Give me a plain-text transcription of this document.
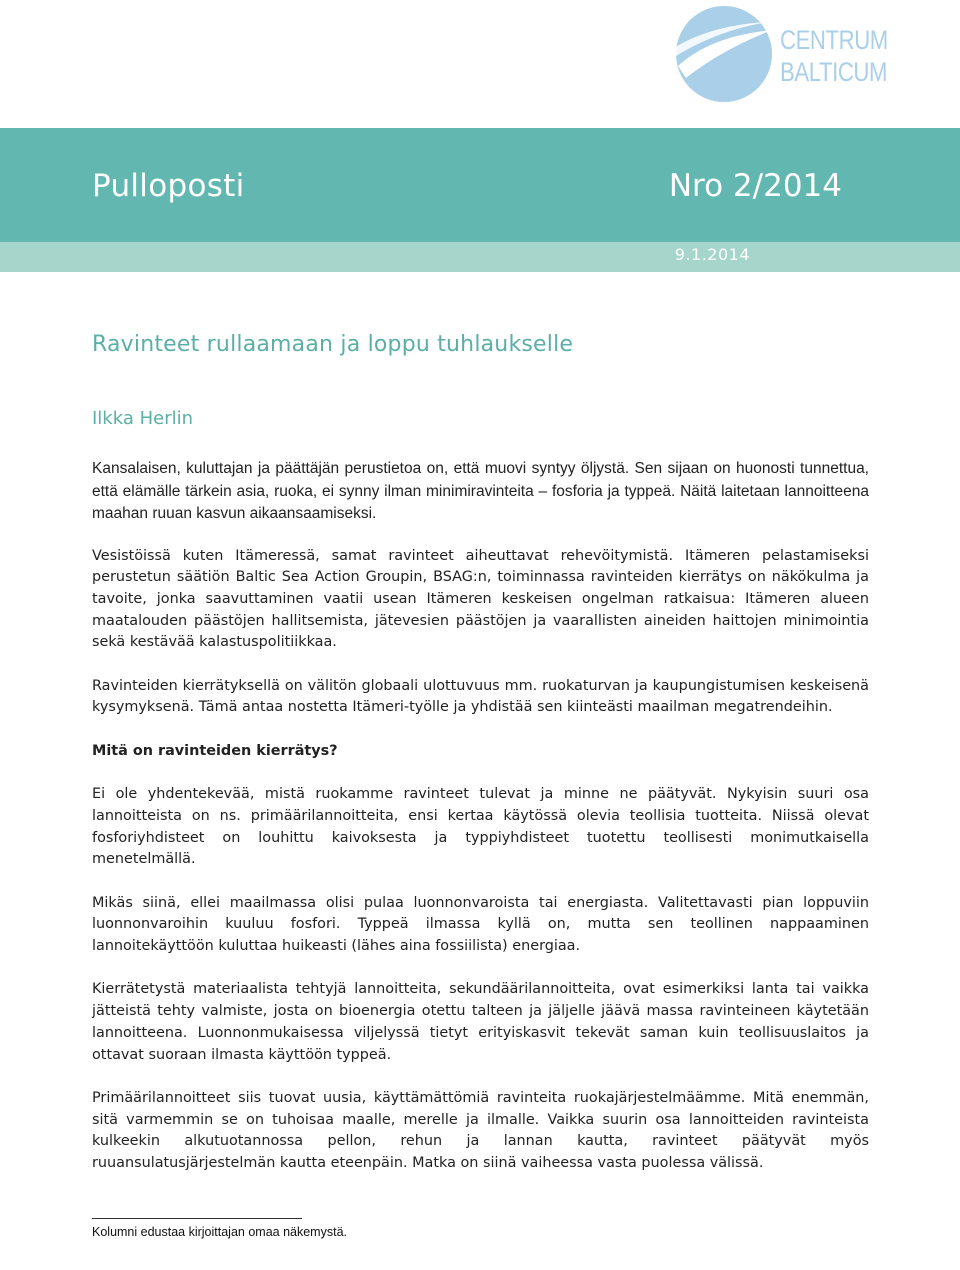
CENTRUM
BALTICUM
Pulloposti	Nro 2/2014
9.1.2014
Ravinteet rullaamaan ja loppu tuhlaukselle
Ilkka Herlin

Kansalaisen, kuluttajan ja päättäjän perustietoa on, että muovi syntyy öljystä. Sen sijaan on huonosti tunnettua, että elämälle tärkein asia, ruoka, ei synny ilman minimiravinteita – fosforia ja typpeä. Näitä laitetaan lannoitteena maahan ruuan kasvun aikaansaamiseksi.

Vesistöissä kuten Itämeressä, samat ravinteet aiheuttavat rehevöitymistä. Itämeren pelastamiseksi perustetun säätiön Baltic Sea Action Groupin, BSAG:n, toiminnassa ravinteiden kierrätys on näkökulma ja tavoite, jonka saavuttaminen vaatii usean Itämeren keskeisen ongelman ratkaisua: Itämeren alueen maatalouden päästöjen hallitsemista, jätevesien päästöjen ja vaarallisten aineiden haittojen minimointia sekä kestävää kalastuspolitiikkaa.

Ravinteiden kierrätyksellä on välitön globaali ulottuvuus mm. ruokaturvan ja kaupungistumisen keskeisenä kysymyksenä. Tämä antaa nostetta Itämeri-työlle ja yhdistää sen kiinteästi maailman megatrendeihin.

Mitä on ravinteiden kierrätys?

Ei ole yhdentekevää, mistä ruokamme ravinteet tulevat ja minne ne päätyvät. Nykyisin suuri osa lannoitteista on ns. primäärilannoitteita, ensi kertaa käytössä olevia teollisia tuotteita. Niissä olevat fosforiyhdisteet on louhittu kaivoksesta ja typpiyhdisteet tuotettu teollisesti monimutkaisella menetelmällä.

Mikäs siinä, ellei maailmassa olisi pulaa luonnonvaroista tai energiasta. Valitettavasti pian loppuviin luonnonvaroihin kuuluu fosfori. Typpeä ilmassa kyllä on, mutta sen teollinen nappaaminen lannoitekäyttöön kuluttaa huikeasti (lähes aina fossiilista) energiaa.

Kierrätetystä materiaalista tehtyjä lannoitteita, sekundäärilannoitteita, ovat esimerkiksi lanta tai vaikka jätteistä tehty valmiste, josta on bioenergia otettu talteen ja jäljelle jäävä massa ravinteineen käytetään lannoitteena. Luonnonmukaisessa viljelyssä tietyt erityiskasvit tekevät saman kuin teollisuuslaitos ja ottavat suoraan ilmasta käyttöön typpeä.

Primäärilannoitteet siis tuovat uusia, käyttämättömiä ravinteita ruokajärjestelmäämme. Mitä enemmän, sitä varmemmin se on tuhoisaa maalle, merelle ja ilmalle. Vaikka suurin osa lannoitteiden ravinteista kulkeekin alkutuotannossa pellon, rehun ja lannan kautta, ravinteet päätyvät myös ruuansulatusjärjestelmän kautta eteenpäin. Matka on siinä vaiheessa vasta puolessa välissä.

Kolumni edustaa kirjoittajan omaa näkemystä.
